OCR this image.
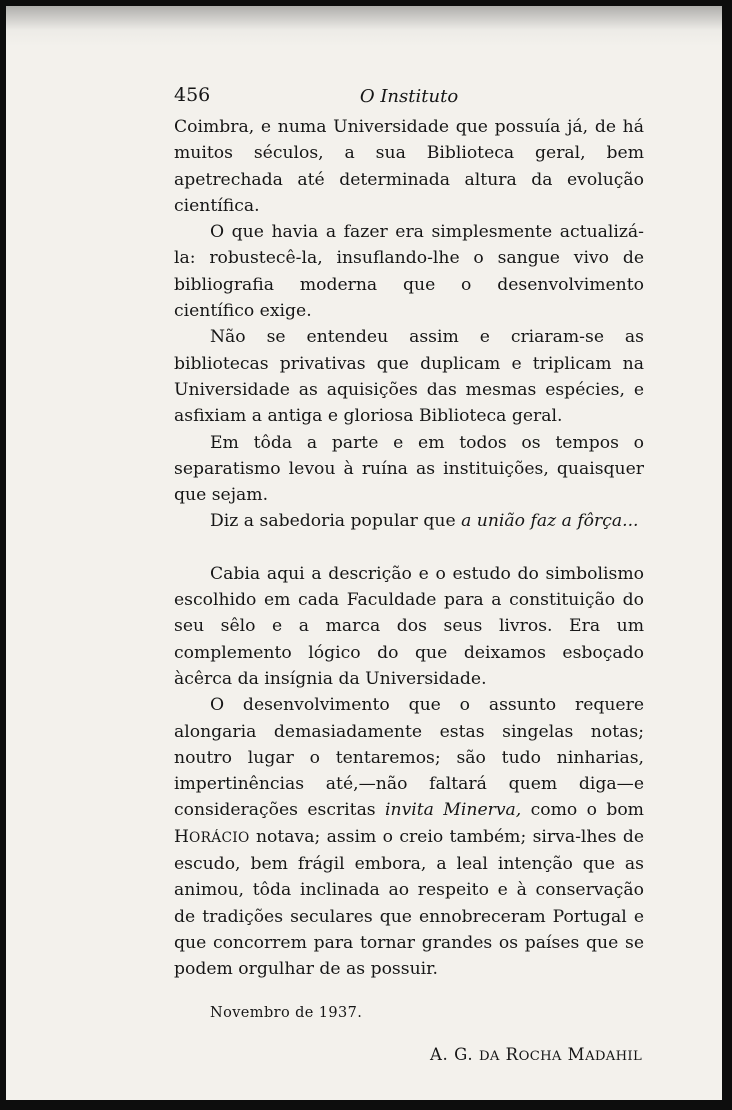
456	O Instituto

Coimbra, e numa Universidade que possuía já, de há muitos séculos, a sua Biblioteca geral, bem apetrechada até determinada altura da evolução científica.

O que havia a fazer era simplesmente actualizá-la: robustecê-la, insuflando-lhe o sangue vivo de bibliografia moderna que o desenvolvimento científico exige.

Não se entendeu assim e criaram-se as bibliotecas privativas que duplicam e triplicam na Universidade as aquisições das mesmas espécies, e asfixiam a antiga e gloriosa Biblioteca geral.

Em tôda a parte e em todos os tempos o separatismo levou à ruína as instituições, quaisquer que sejam.

Diz a sabedoria popular que a união faz a fôrça...

Cabia aqui a descrição e o estudo do simbolismo escolhido em cada Faculdade para a constituição do seu sêlo e a marca dos seus livros. Era um complemento lógico do que deixamos esboçado àcêrca da insígnia da Universidade.

O desenvolvimento que o assunto requere alongaria demasiadamente estas singelas notas; noutro lugar o tentaremos; são tudo ninharias, impertinências até,—não faltará quem diga—e considerações escritas invita Minerva, como o bom HORÁCIO notava; assim o creio também; sirva-lhes de escudo, bem frágil embora, a leal intenção que as animou, tôda inclinada ao respeito e à conservação de tradições seculares que ennobreceram Portugal e que concorrem para tornar grandes os países que se podem orgulhar de as possuir.

Novembro de 1937.
A. G. DA ROCHA MADAHIL
